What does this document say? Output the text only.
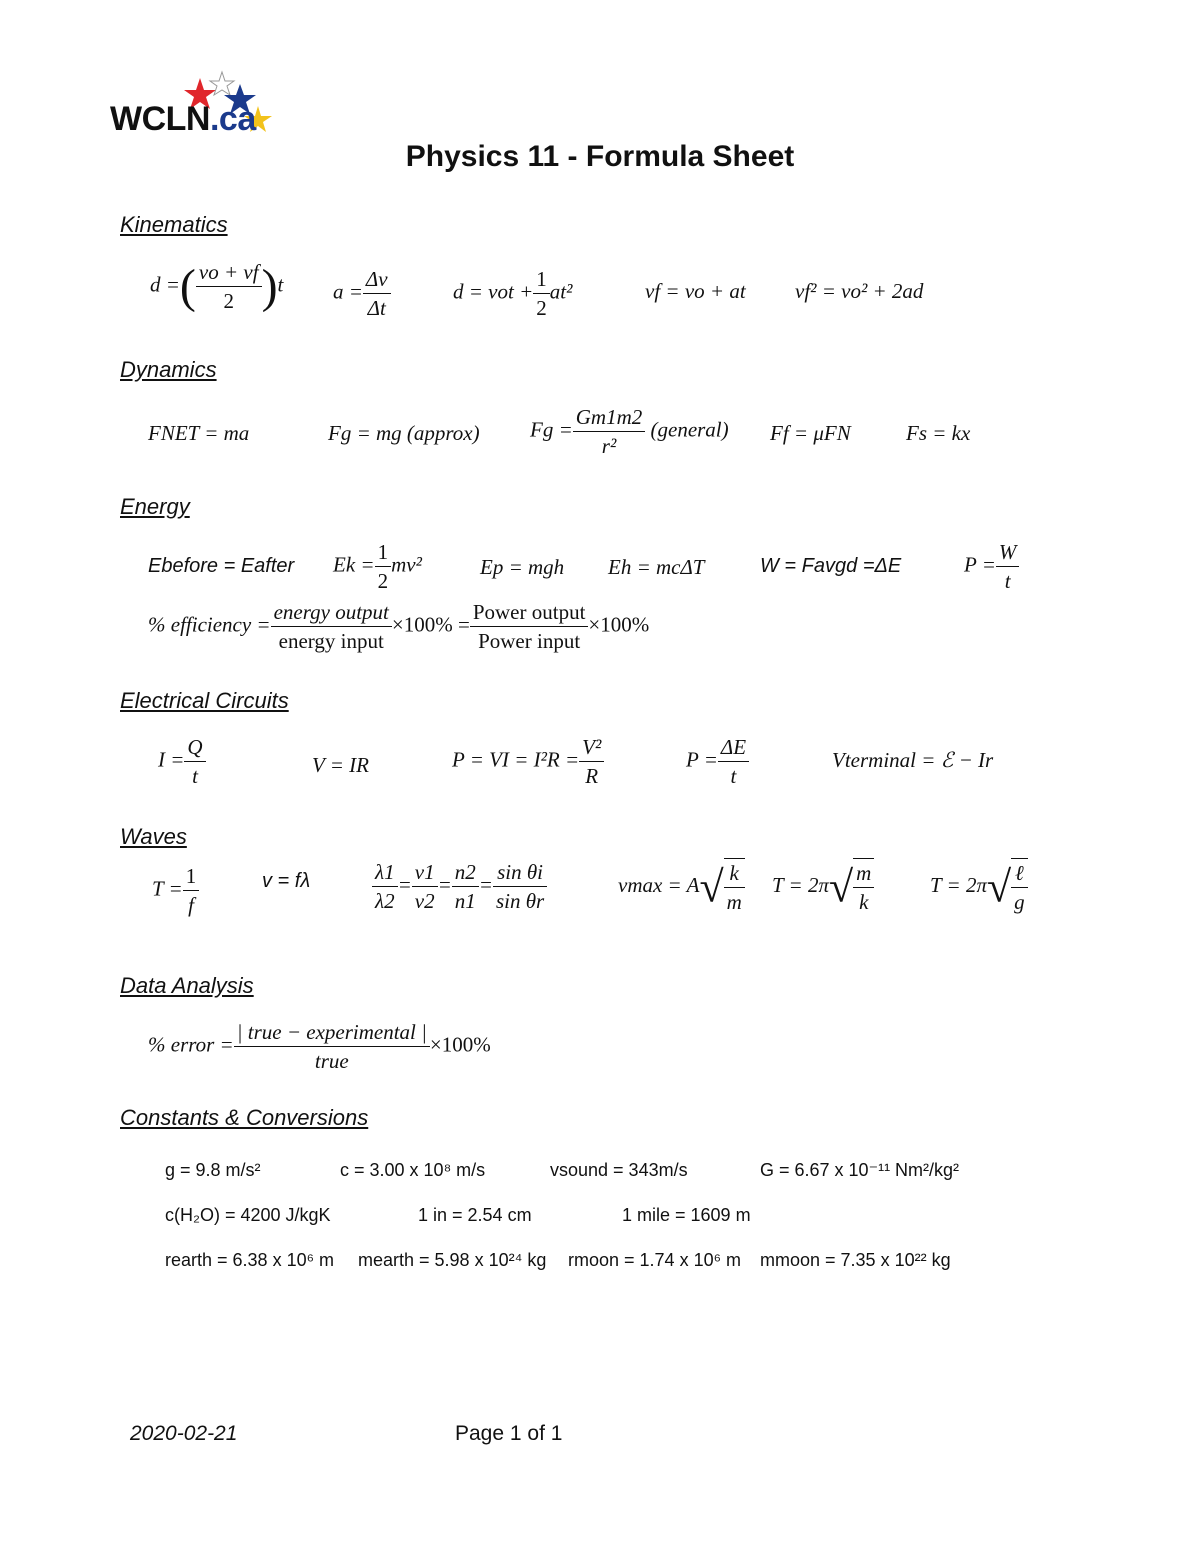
WCLN.ca
Physics 11 - Formula Sheet
Kinematics
d =( $\frac{vo + vf}{2} )t$ $a = \frac{\Delta v}{\Delta t}$	d = vot + $\frac{1}{2} at^2$	vf = vo + at vf² = vo² + 2ad
Dynamics
FNET = ma	Fg = mg (approx) $Fg = \frac{Gm1m2}{\text{r²}}$ (general) Ff = μFN	Fs = kx
Energy
Ebefore = Eafter $Ek = \frac{1}{2} mv^2$	Ep = mgh Eh = mcΔT	W = Favgd =ΔE	$P = \frac{W}{t}$
% efficiency = $\frac{\text{energy output}}{\text{energy input}} \times 100\% = \frac{\text{Power output}}{\text{Power input}} \times 100\%$
Electrical Circuits
$I = \frac{Q}{t}$	V = IR	P = VI = $I^2R = \frac{\text{V²}}{R}$	$P = \frac{\Delta E}{t}$	Vterminal = ℰ − Ir
Waves
$T = \frac{1}{f}$	v = fλ	$\frac{\lambda 1}{\lambda 2} = \frac{v1}{v2} = \frac{n2}{n1} = \frac{\text{sin θi}}{\text{sin θr}}$	$vmax = A√ \frac{k}{m}$ $T = 2\pi√ \frac{m}{k}$	$T = 2\pi√ \frac{\text{ℓ}}{g}$
Data Analysis
% error = $\frac{\text{| true − experimental |}}{\text{true}} \times 100\%$
Constants & Conversions
g = 9.8 m/s²	c = 3.00 x 10⁸ m/s	vsound = 343m/s	G = 6.67 x 10⁻¹¹ Nm²/kg²
c(H₂O) = 4200 J/kgK	1 in = 2.54 cm	1 mile = 1609 m
rearth = 6.38 x 10⁶ m mearth = 5.98 x 10²⁴ kg rmoon = 1.74 x 10⁶ m mmoon = 7.35 x 10²² kg
2020-02-21	Page 1 of 1
